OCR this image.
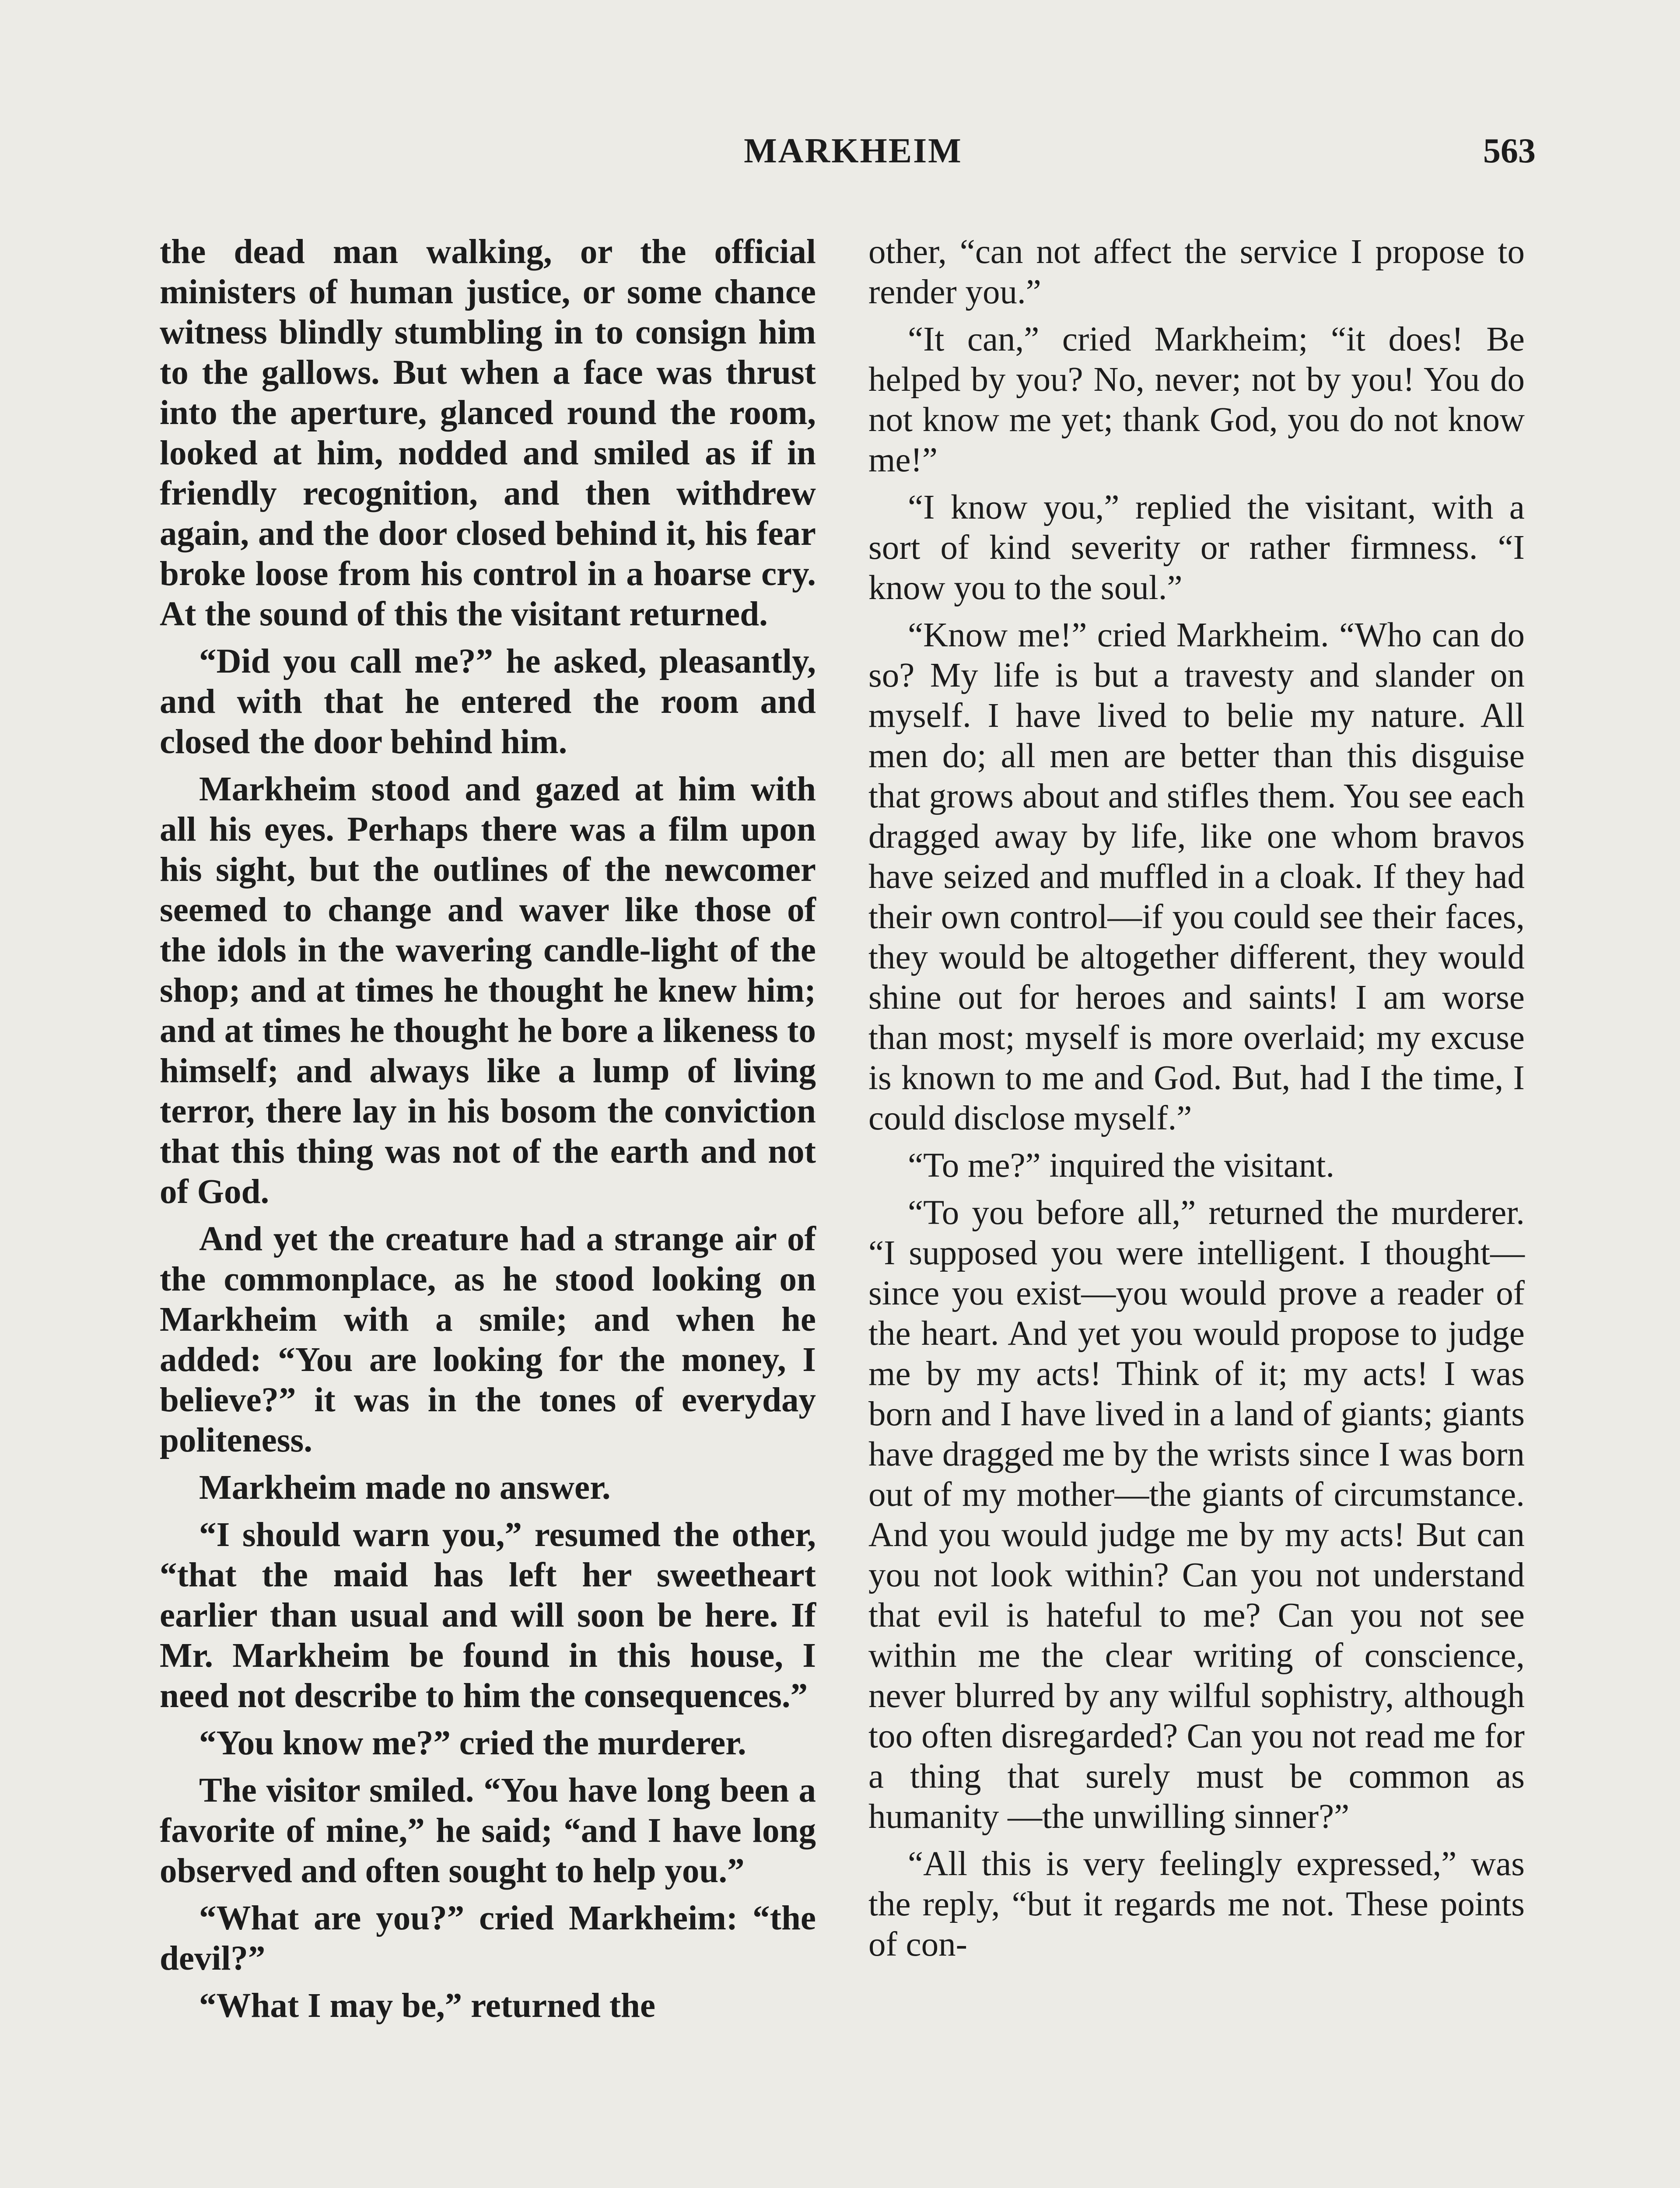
MARKHEIM	563

the dead man walking, or the official ministers of human justice, or some chance witness blindly stumbling in to consign him to the gallows. But when a face was thrust into the aperture, glanced round the room, looked at him, nodded and smiled as if in friendly recognition, and then withdrew again, and the door closed behind it, his fear broke loose from his control in a hoarse cry. At the sound of this the visitant returned.

“Did you call me?” he asked, pleasantly, and with that he entered the room and closed the door behind him.

Markheim stood and gazed at him with all his eyes. Perhaps there was a film upon his sight, but the outlines of the newcomer seemed to change and waver like those of the idols in the wavering candle-light of the shop; and at times he thought he knew him; and at times he thought he bore a likeness to himself; and always like a lump of living terror, there lay in his bosom the conviction that this thing was not of the earth and not of God.

And yet the creature had a strange air of the commonplace, as he stood looking on Markheim with a smile; and when he added: “You are looking for the money, I believe?” it was in the tones of everyday politeness.

Markheim made no answer.

“I should warn you,” resumed the other, “that the maid has left her sweetheart earlier than usual and will soon be here. If Mr. Markheim be found in this house, I need not describe to him the consequences.”

“You know me?” cried the murderer.

The visitor smiled. “You have long been a favorite of mine,” he said; “and I have long observed and often sought to help you.”

“What are you?” cried Markheim: “the devil?”

“What I may be,” returned the

other, “can not affect the service I propose to render you.”

“It can,” cried Markheim; “it does! Be helped by you? No, never; not by you! You do not know me yet; thank God, you do not know me!”

“I know you,” replied the visitant, with a sort of kind severity or rather firmness. “I know you to the soul.”

“Know me!” cried Markheim. “Who can do so? My life is but a travesty and slander on myself. I have lived to belie my nature. All men do; all men are better than this disguise that grows about and stifles them. You see each dragged away by life, like one whom bravos have seized and muffled in a cloak. If they had their own control—if you could see their faces, they would be altogether different, they would shine out for heroes and saints! I am worse than most; myself is more overlaid; my excuse is known to me and God. But, had I the time, I could disclose myself.”

“To me?” inquired the visitant.

“To you before all,” returned the murderer. “I supposed you were intelligent. I thought—since you exist—you would prove a reader of the heart. And yet you would propose to judge me by my acts! Think of it; my acts! I was born and I have lived in a land of giants; giants have dragged me by the wrists since I was born out of my mother—the giants of circumstance. And you would judge me by my acts! But can you not look within? Can you not understand that evil is hateful to me? Can you not see within me the clear writing of conscience, never blurred by any wilful sophistry, although too often disregarded? Can you not read me for a thing that surely must be common as humanity —the unwilling sinner?”

“All this is very feelingly expressed,” was the reply, “but it regards me not. These points of con-
